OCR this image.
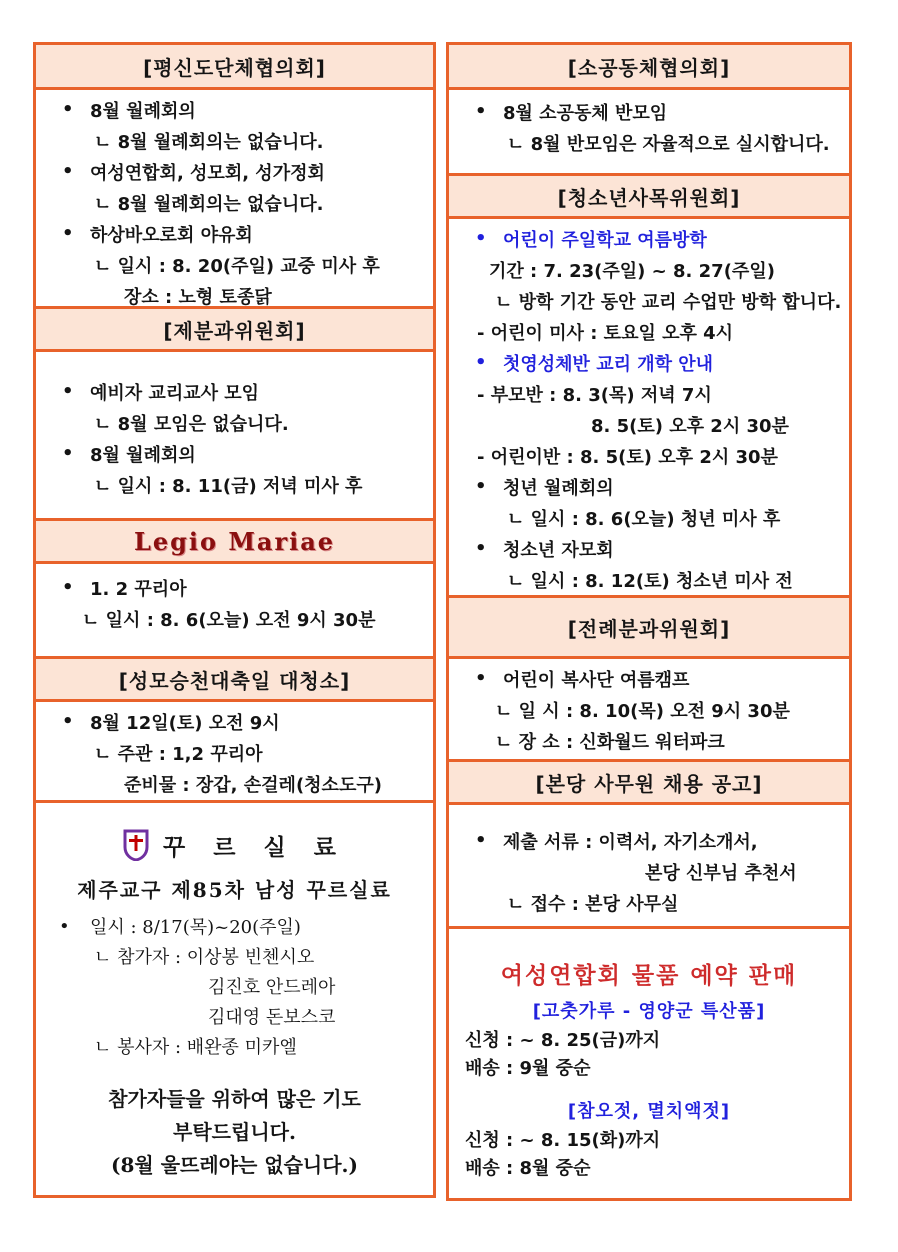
[평신도단체협의회]
• 8월 월례회의
ㄴ 8월 월례회의는 없습니다.
• 여성연합회, 성모회, 성가정회
ㄴ 8월 월례회의는 없습니다.
• 하상바오로회 야유회
ㄴ 일시 : 8. 20(주일) 교중 미사 후
장소 : 노형 토종닭
[제분과위원회]
• 예비자 교리교사 모임
ㄴ 8월 모임은 없습니다.
• 8월 월례회의
ㄴ 일시 : 8. 11(금) 저녁 미사 후
Legio Mariae
• 1. 2 꾸리아
ㄴ 일시 : 8. 6(오늘) 오전 9시 30분
[성모승천대축일 대청소]
• 8월 12일(토) 오전 9시
ㄴ 주관 : 1,2 꾸리아
준비물 : 장갑, 손걸레(청소도구)
꾸 르 실 료
제주교구 제85차 남성 꾸르실료
• 일시 : 8/17(목)~20(주일)
ㄴ 참가자 : 이상봉 빈첸시오
김진호 안드레아
김대영 돈보스코
ㄴ 봉사자 : 배완종 미카엘
참가자들을 위하여 많은 기도
부탁드립니다.
(8월 울뜨레야는 없습니다.)
[소공동체협의회]
• 8월 소공동체 반모임
ㄴ 8월 반모임은 자율적으로 실시합니다.
[청소년사목위원회]
• 어린이 주일학교 여름방학
기간 : 7. 23(주일) ~ 8. 27(주일)
ㄴ 방학 기간 동안 교리 수업만 방학 합니다.
- 어린이 미사 : 토요일 오후 4시
• 첫영성체반 교리 개학 안내
- 부모반 : 8. 3(목) 저녁 7시
8. 5(토) 오후 2시 30분
- 어린이반 : 8. 5(토) 오후 2시 30분
• 청년 월례회의
ㄴ 일시 : 8. 6(오늘) 청년 미사 후
• 청소년 자모회
ㄴ 일시 : 8. 12(토) 청소년 미사 전
[전례분과위원회]
• 어린이 복사단 여름캠프
ㄴ 일 시 : 8. 10(목) 오전 9시 30분
ㄴ 장 소 : 신화월드 워터파크
[본당 사무원 채용 공고]
• 제출 서류 : 이력서, 자기소개서,
본당 신부님 추천서
ㄴ 접수 : 본당 사무실
여성연합회 물품 예약 판매
[고춧가루 - 영양군 특산품]
신청 : ~ 8. 25(금)까지
배송 : 9월 중순
[참오젓, 멸치액젓]
신청 : ~ 8. 15(화)까지
배송 : 8월 중순
